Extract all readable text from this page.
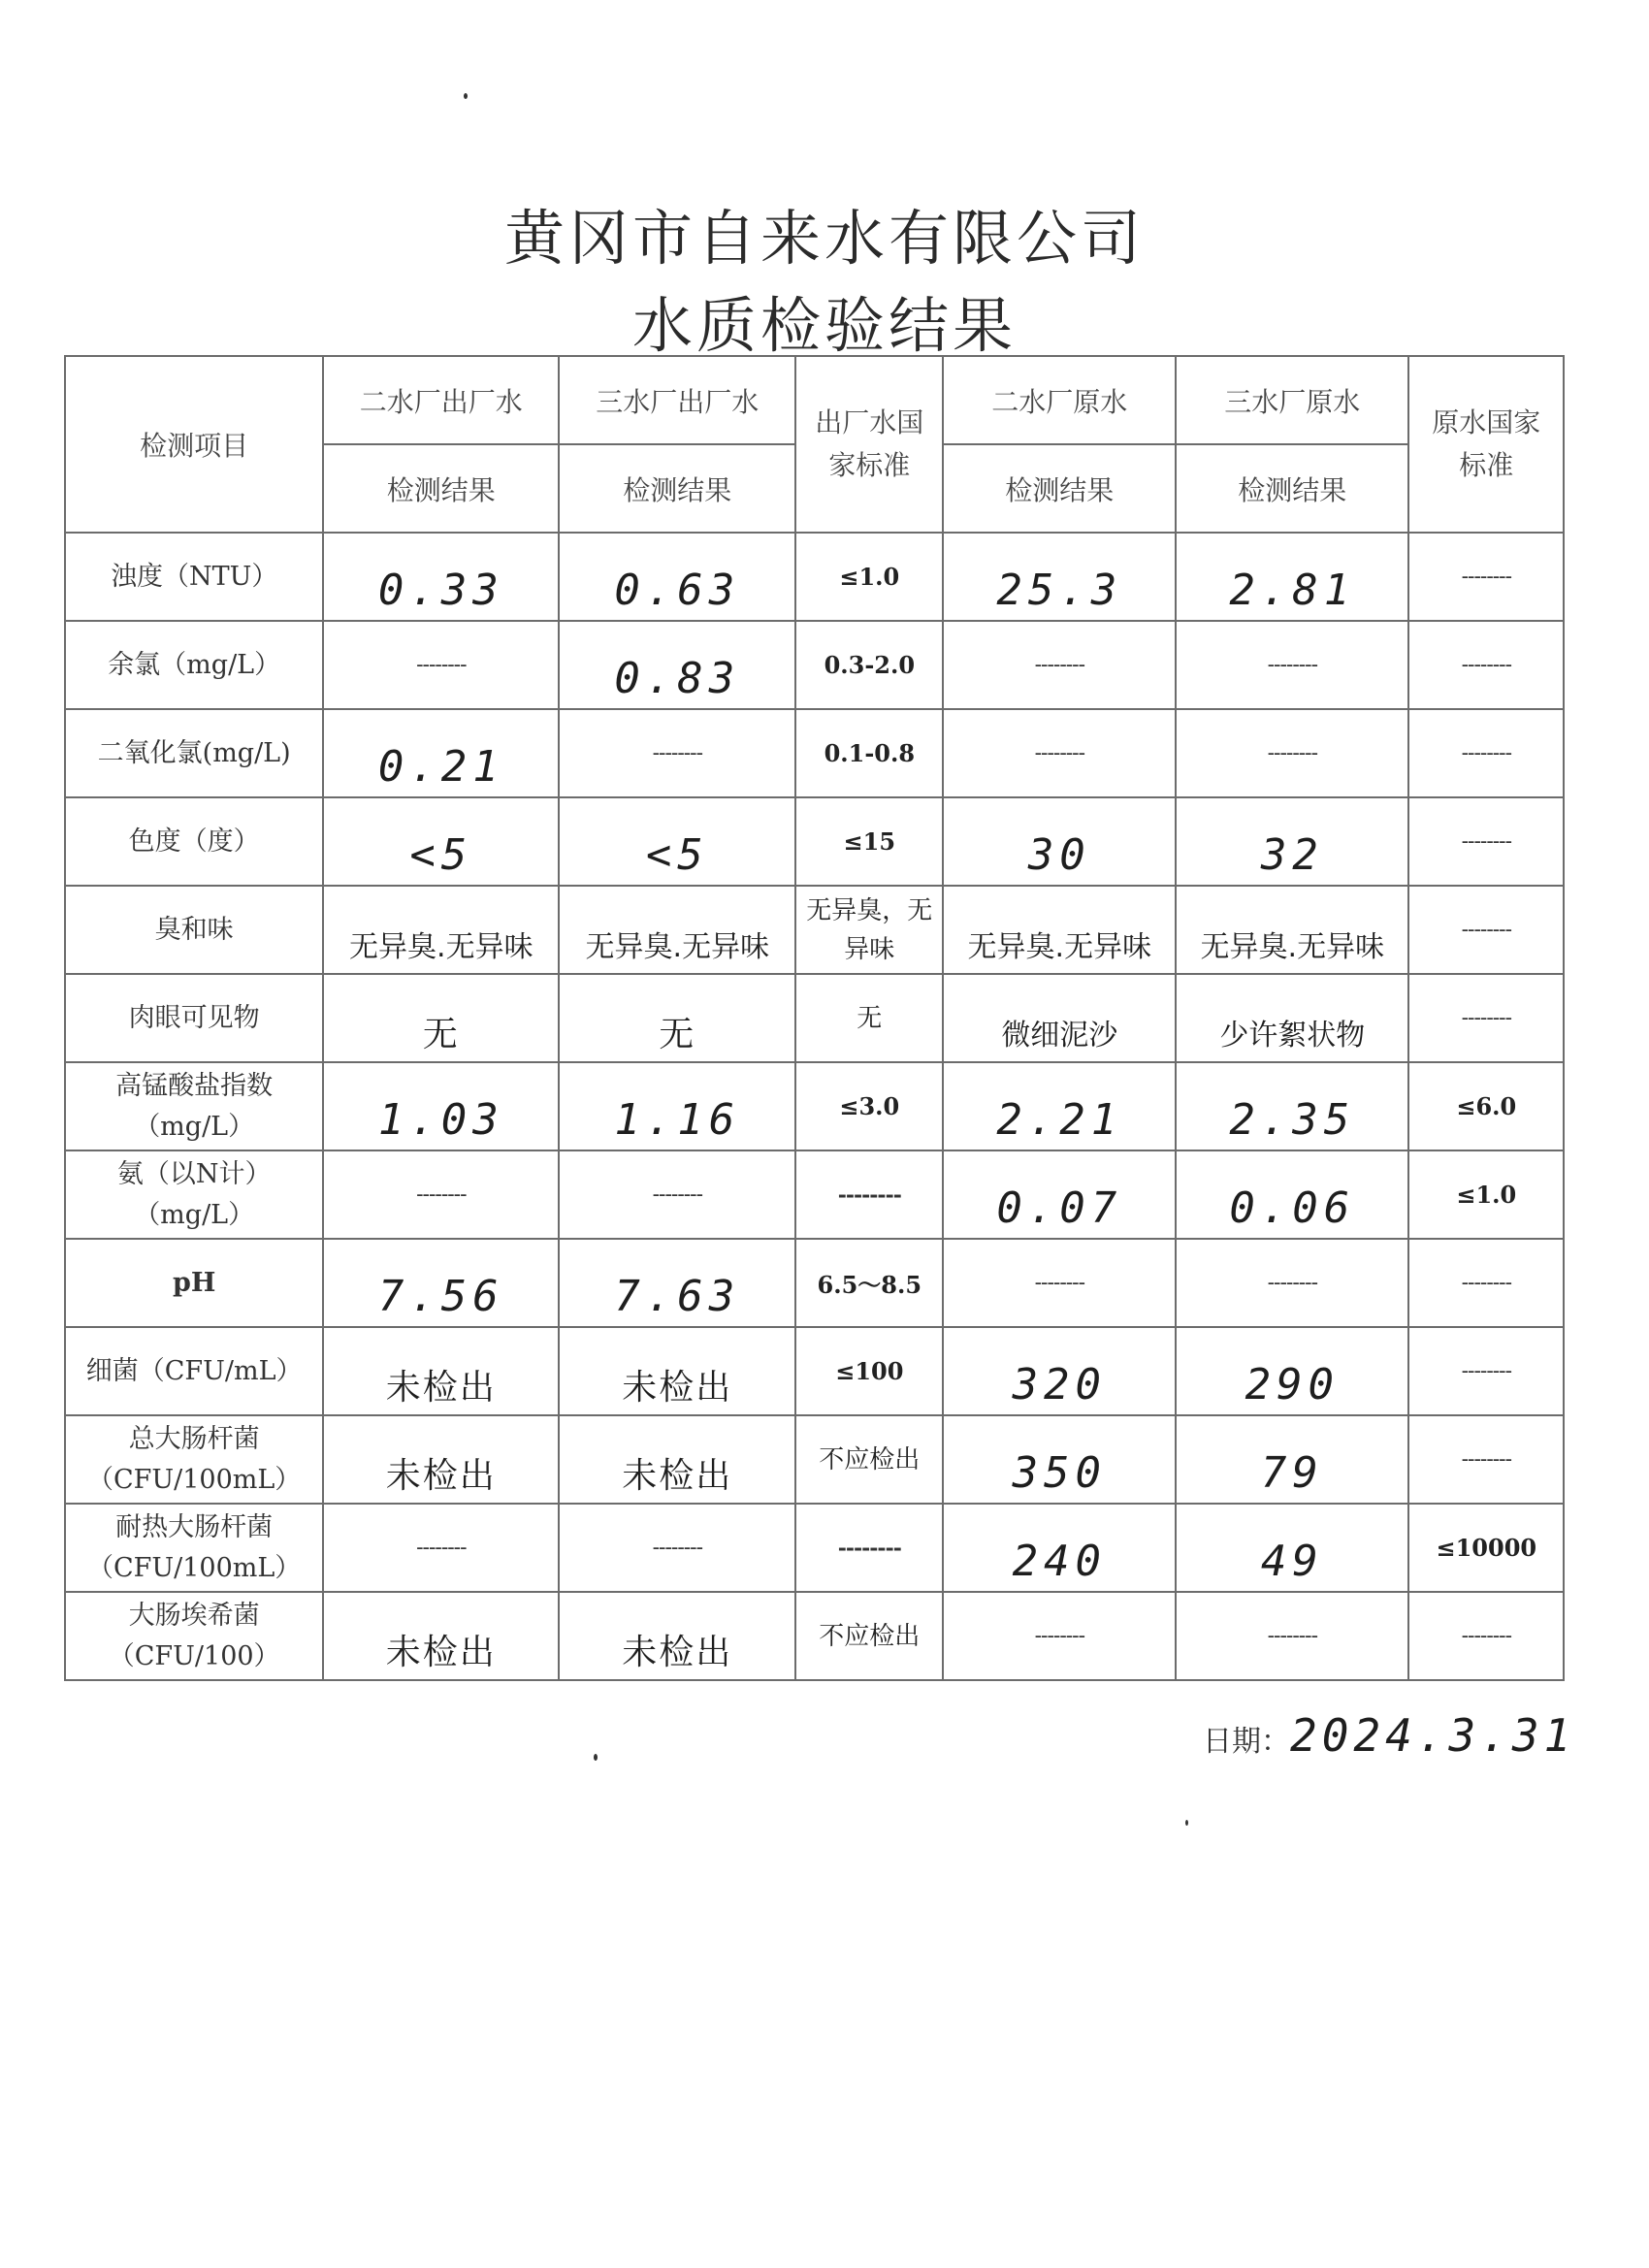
黄冈市自来水有限公司
水质检验结果
检测项目	二水厂出厂水	三水厂出厂水	出厂水国家标准	二水厂原水	三水厂原水	原水国家标准
	检测结果	检测结果		检测结果	检测结果	
浊度（NTU）	0.33	0.63	≤1.0	25.3	2.81	--------
余氯（mg/L）	--------	0.83	0.3-2.0	--------	--------	--------
二氧化氯(mg/L)	0.21	--------	0.1-0.8	--------	--------	--------
色度（度）	<5	<5	≤15	30	32	--------
臭和味	无异臭.无异味	无异臭.无异味	无异臭，无异味	无异臭.无异味	无异臭.无异味	--------
肉眼可见物	无	无	无	微细泥沙	少许絮状物	--------
高锰酸盐指数（mg/L）	1.03	1.16	≤3.0	2.21	2.35	≤6.0
氨（以N计）（mg/L）	--------	--------	--------	0.07	0.06	≤1.0
pH	7.56	7.63	6.5～8.5	--------	--------	--------
细菌（CFU/mL）	未检出	未检出	≤100	320	290	--------
总大肠杆菌（CFU/100mL）	未检出	未检出	不应检出	350	79	--------
耐热大肠杆菌（CFU/100mL）	--------	--------	--------	240	49	≤10000
大肠埃希菌（CFU/100）	未检出	未检出	不应检出	--------	--------	--------
日期：2024.3.31
